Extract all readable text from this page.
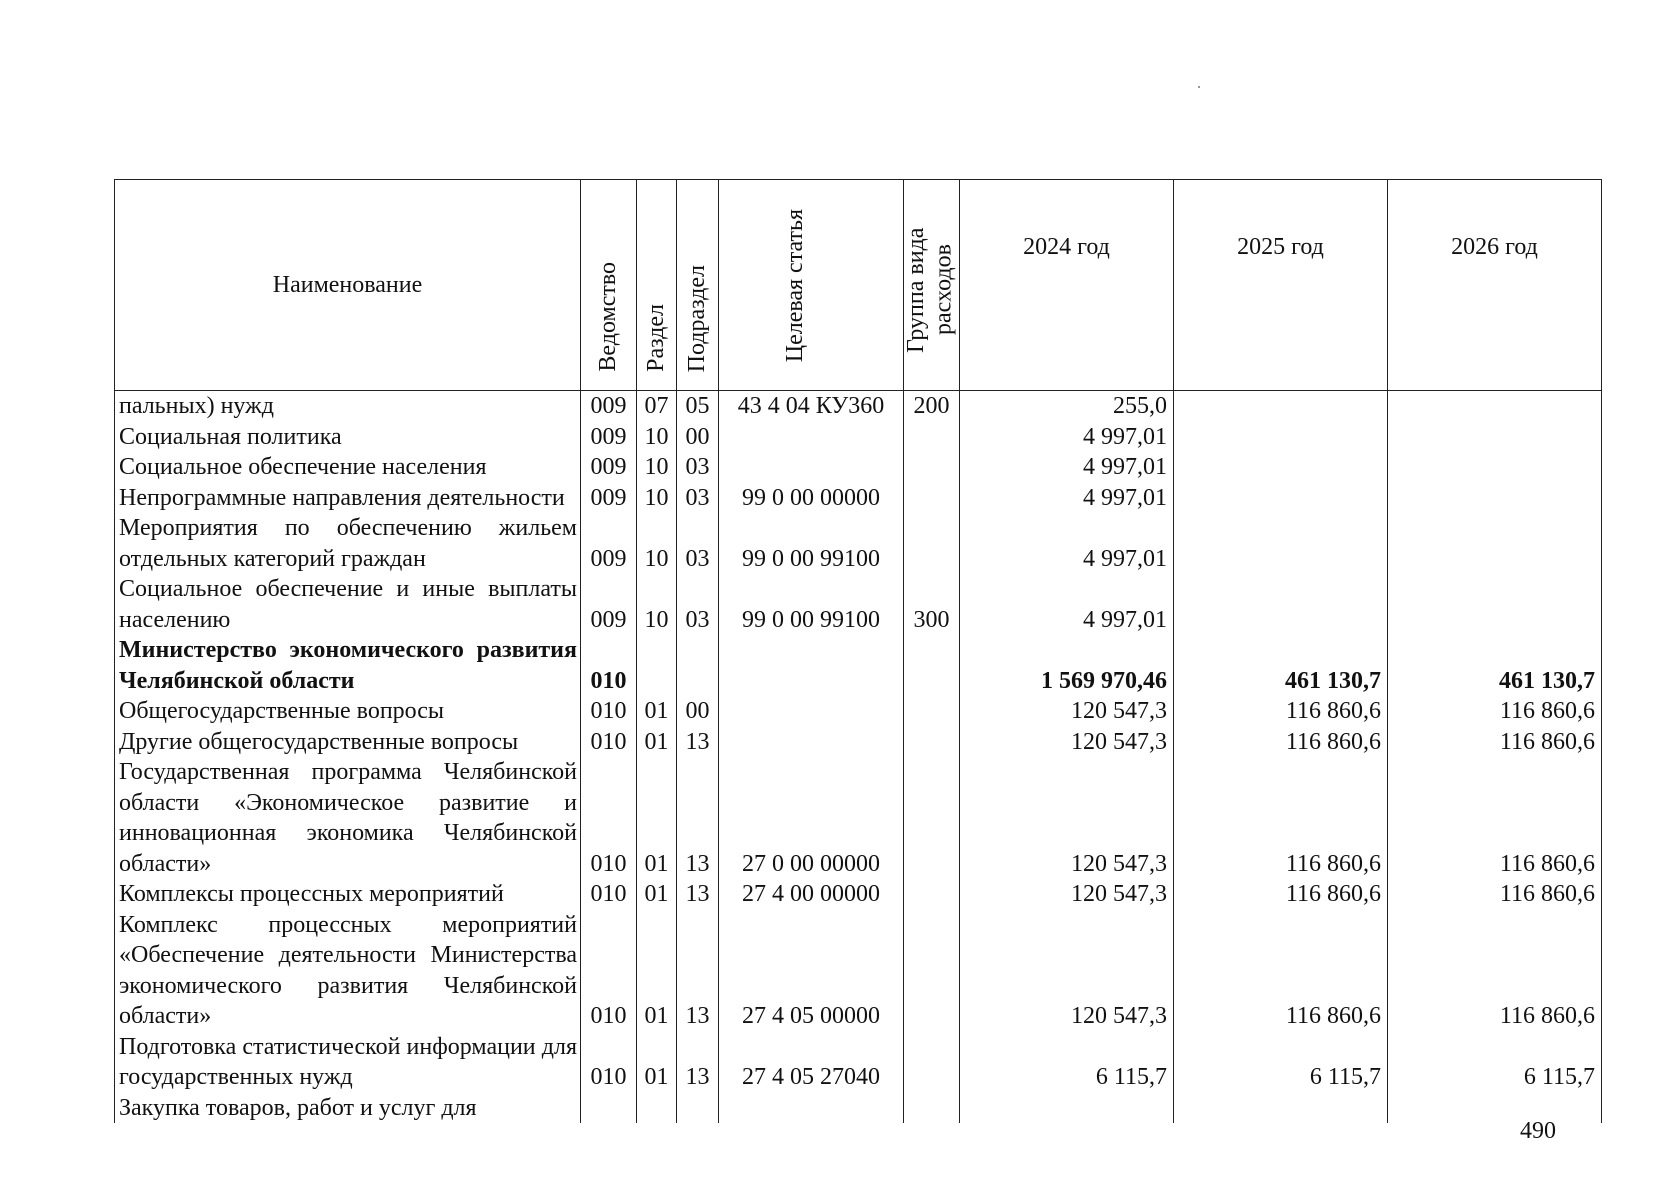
Наименование	Ведомство	Раздел	Подраздел	Целевая статья	Группа вида расходов	2024 год	2025 год	2026 год
пальных) нужд	009	07	05	43 4 04 КУ360	200	255,0		
Социальная политика	009	10	00			4 997,01		
Социальное обеспечение населения	009	10	03			4 997,01		
Непрограммные направления деятельности	009	10	03	99 0 00 00000		4 997,01		
Мероприятия по обеспечению жильем отдельных категорий граждан	009	10	03	99 0 00 99100		4 997,01		
Социальное обеспечение и иные выплаты населению	009	10	03	99 0 00 99100	300	4 997,01		
Министерство экономического развития Челябинской области	010					1 569 970,46	461 130,7	461 130,7
Общегосударственные вопросы	010	01	00			120 547,3	116 860,6	116 860,6
Другие общегосударственные вопросы	010	01	13			120 547,3	116 860,6	116 860,6
Государственная программа Челябинской области «Экономическое развитие и инновационная экономика Челябинской области»	010	01	13	27 0 00 00000		120 547,3	116 860,6	116 860,6
Комплексы процессных мероприятий	010	01	13	27 4 00 00000		120 547,3	116 860,6	116 860,6
Комплекс процессных мероприятий «Обеспечение деятельности Министерства экономического развития Челябинской области»	010	01	13	27 4 05 00000		120 547,3	116 860,6	116 860,6
Подготовка статистической информации для государственных нужд	010	01	13	27 4 05 27040		6 115,7	6 115,7	6 115,7
Закупка товаров, работ и услуг для								
490
